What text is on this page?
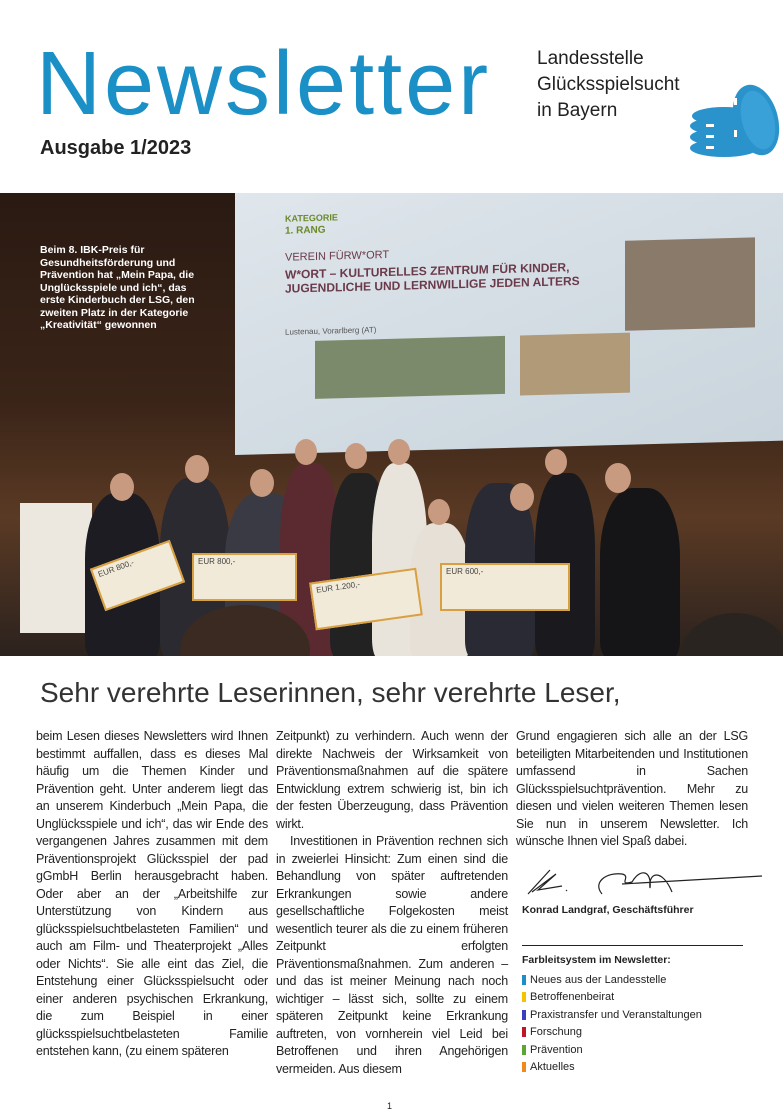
Newsletter
Ausgabe 1/2023
Landesstelle
Glücksspielsucht
in Bayern
KATEGORIE
1. RANG
VEREIN FÜRW*ORT
W*ORT – KULTURELLES ZENTRUM FÜR KINDER, JUGENDLICHE UND LERNWILLIGE JEDEN ALTERS
Lustenau, Vorarlberg (AT)
EUR 800,-	EUR 800,-
EUR 1.200,-
EUR 600,-
Beim 8. IBK-Preis für Gesundheitsförderung und Prävention hat „Mein Papa, die Unglücksspiele und ich“, das erste Kinderbuch der LSG, den zweiten Platz in der Kategorie „Kreativität“ gewonnen
Sehr verehrte Leserinnen, sehr verehrte Leser,

beim Lesen dieses Newsletters wird Ihnen bestimmt auffallen, dass es dieses Mal häufig um die Themen Kinder und Prävention geht. Unter anderem liegt das an unserem Kinderbuch „Mein Papa, die Unglücksspiele und ich“, das wir Ende des vergangenen Jahres zusammen mit dem Präventionsprojekt Glücksspiel der pad gGmbH Berlin herausgebracht haben. Oder aber an der „Arbeitshilfe zur Unterstützung von Kindern aus glücksspielsuchtbelasteten Familien“ und auch am Film- und Theaterprojekt „Alles oder Nichts“. Sie alle eint das Ziel, die Entstehung einer Glücksspielsucht oder einer anderen psychischen Erkrankung, die zum Beispiel in einer glücksspielsuchtbelasteten Familie entstehen kann, (zu einem späteren

Zeitpunkt) zu verhindern. Auch wenn der direkte Nachweis der Wirksamkeit von Präventionsmaßnahmen auf die spätere Entwicklung extrem schwierig ist, bin ich der festen Überzeugung, dass Prävention wirkt.

Investitionen in Prävention rechnen sich in zweierlei Hinsicht: Zum einen sind die Behandlung von später auftretenden Erkrankungen sowie andere gesellschaftliche Folgekosten meist wesentlich teurer als die zu einem früheren Zeitpunkt erfolgten Präventionsmaßnahmen. Zum anderen – und das ist meiner Meinung nach noch wichtiger – lässt sich, sollte zu einem späteren Zeitpunkt keine Erkrankung auftreten, von vornherein viel Leid bei Betroffenen und ihren Angehörigen vermeiden. Aus diesem

Grund engagieren sich alle an der LSG beteiligten Mitarbeitenden und Institutionen umfassend in Sachen Glücksspielsuchtprävention. Mehr zu diesen und vielen weiteren Themen lesen Sie nun in unserem Newsletter. Ich wünsche Ihnen viel Spaß dabei.

Konrad Landgraf, Geschäftsführer
Farbleitsystem im Newsletter:
Neues aus der Landesstelle
Betroffenenbeirat
Praxistransfer und Veranstaltungen
Forschung
Prävention
Aktuelles
1
